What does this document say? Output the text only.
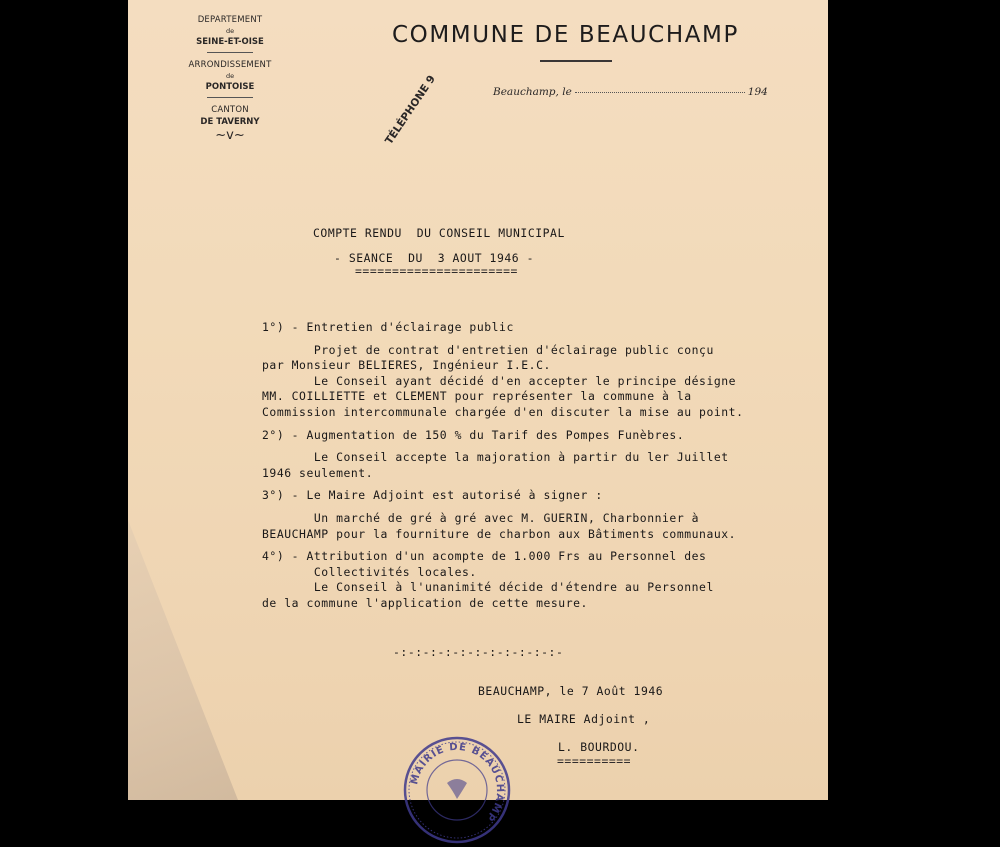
DEPARTEMENT
de
SEINE-ET-OISE
ARRONDISSEMENT
de
PONTOISE
CANTON
DE TAVERNY
~v~
COMMUNE DE BEAUCHAMP
Beauchamp, le	194
TÉLÉPHONE 9
COMPTE RENDU  DU CONSEIL MUNICIPAL
- SEANCE  DU  3 AOUT 1946 -
======================
1°) - Entretien d'éclairage public

Projet de contrat d'entretien d'éclairage public conçu
par Monsieur BELIERES, Ingénieur I.E.C.
Le Conseil ayant décidé d'en accepter le principe désigne
MM. COILLIETTE et CLEMENT pour représenter la commune à la
Commission intercommunale chargée d'en discuter la mise au point.

2°) - Augmentation de 150 % du Tarif des Pompes Funèbres.

Le Conseil accepte la majoration à partir du ler Juillet
1946 seulement.

3°) - Le Maire Adjoint est autorisé à signer :

Un marché de gré à gré avec M. GUERIN, Charbonnier à
BEAUCHAMP pour la fourniture de charbon aux Bâtiments communaux.

4°) - Attribution d'un acompte de 1.000 Frs au Personnel des
Collectivités locales.
Le Conseil à l'unanimité décide d'étendre au Personnel
de la commune l'application de cette mesure.
-:-:-:-:-:-:-:-:-:-:-:-
BEAUCHAMP, le 7 Août 1946
LE MAIRE Adjoint ,
L. BOURDOU.
==========
MAIRIE DE BEAUCHAMP
